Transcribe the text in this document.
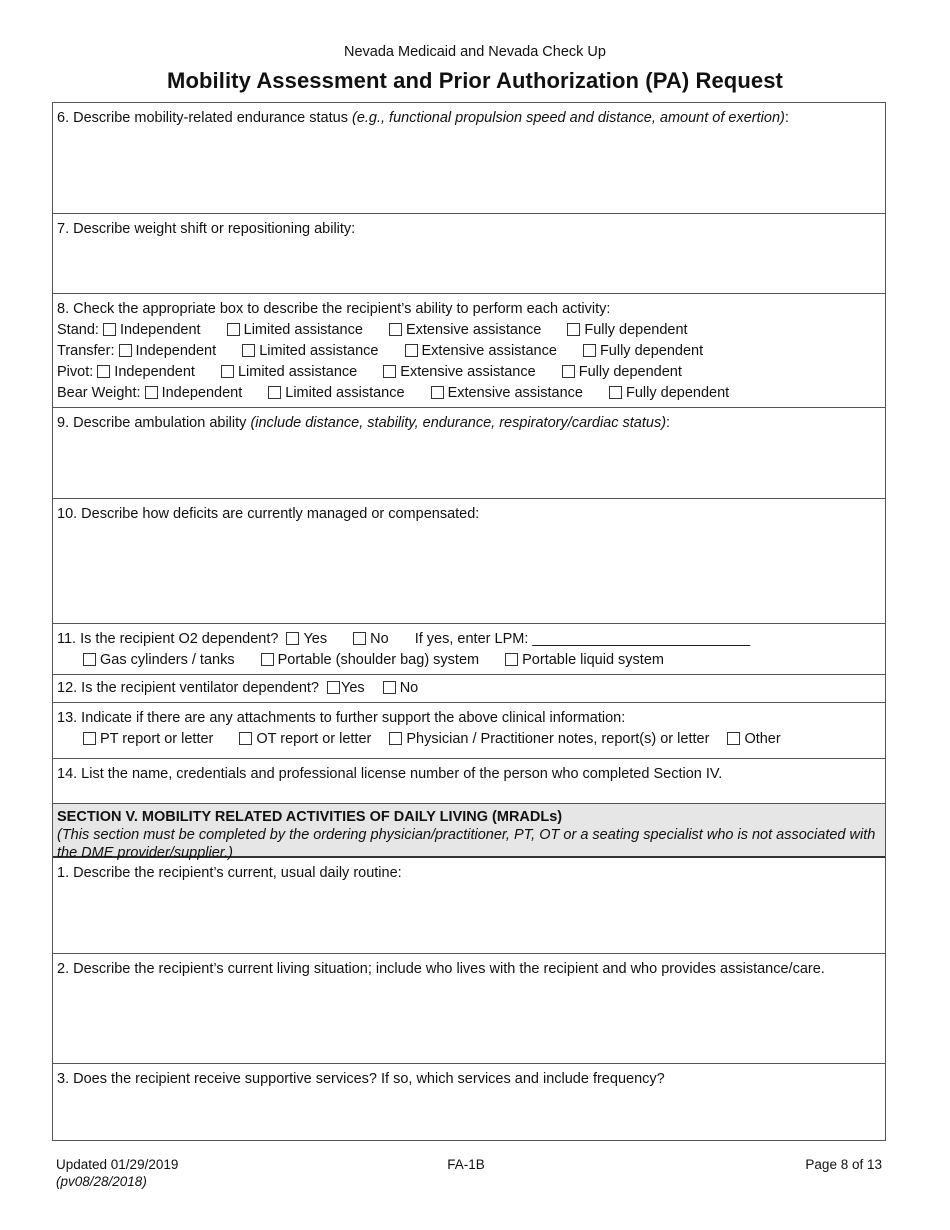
Nevada Medicaid and Nevada Check Up
Mobility Assessment and Prior Authorization (PA) Request
6. Describe mobility-related endurance status (e.g., functional propulsion speed and distance, amount of exertion):
7. Describe weight shift or repositioning ability:
8. Check the appropriate box to describe the recipient’s ability to perform each activity:
Stand: Independent	Limited assistance	Extensive assistance	Fully dependent
Transfer: Independent	Limited assistance	Extensive assistance	Fully dependent
Pivot: Independent	Limited assistance	Extensive assistance	Fully dependent
Bear Weight: Independent	Limited assistance	Extensive assistance	Fully dependent
9. Describe ambulation ability (include distance, stability, endurance, respiratory/cardiac status):
10. Describe how deficits are currently managed or compensated:
11. Is the recipient O2 dependent? Yes	No If yes, enter LPM: ___________________________
Gas cylinders / tanks	Portable (shoulder bag) system	Portable liquid system
12. Is the recipient ventilator dependent? Yes No
13. Indicate if there are any attachments to further support the above clinical information:
PT report or letter	OT report or letter Physician / Practitioner notes, report(s) or letter Other
14. List the name, credentials and professional license number of the person who completed Section IV.
SECTION V. MOBILITY RELATED ACTIVITIES OF DAILY LIVING (MRADLs)
(This section must be completed by the ordering physician/practitioner, PT, OT or a seating specialist who is not associated with the DME provider/supplier.)
1. Describe the recipient’s current, usual daily routine:
2. Describe the recipient’s current living situation; include who lives with the recipient and who provides assistance/care.
3. Does the recipient receive supportive services? If so, which services and include frequency?
Updated 01/29/2019
(pv08/28/2018)
FA-1B	Page 8 of 13
